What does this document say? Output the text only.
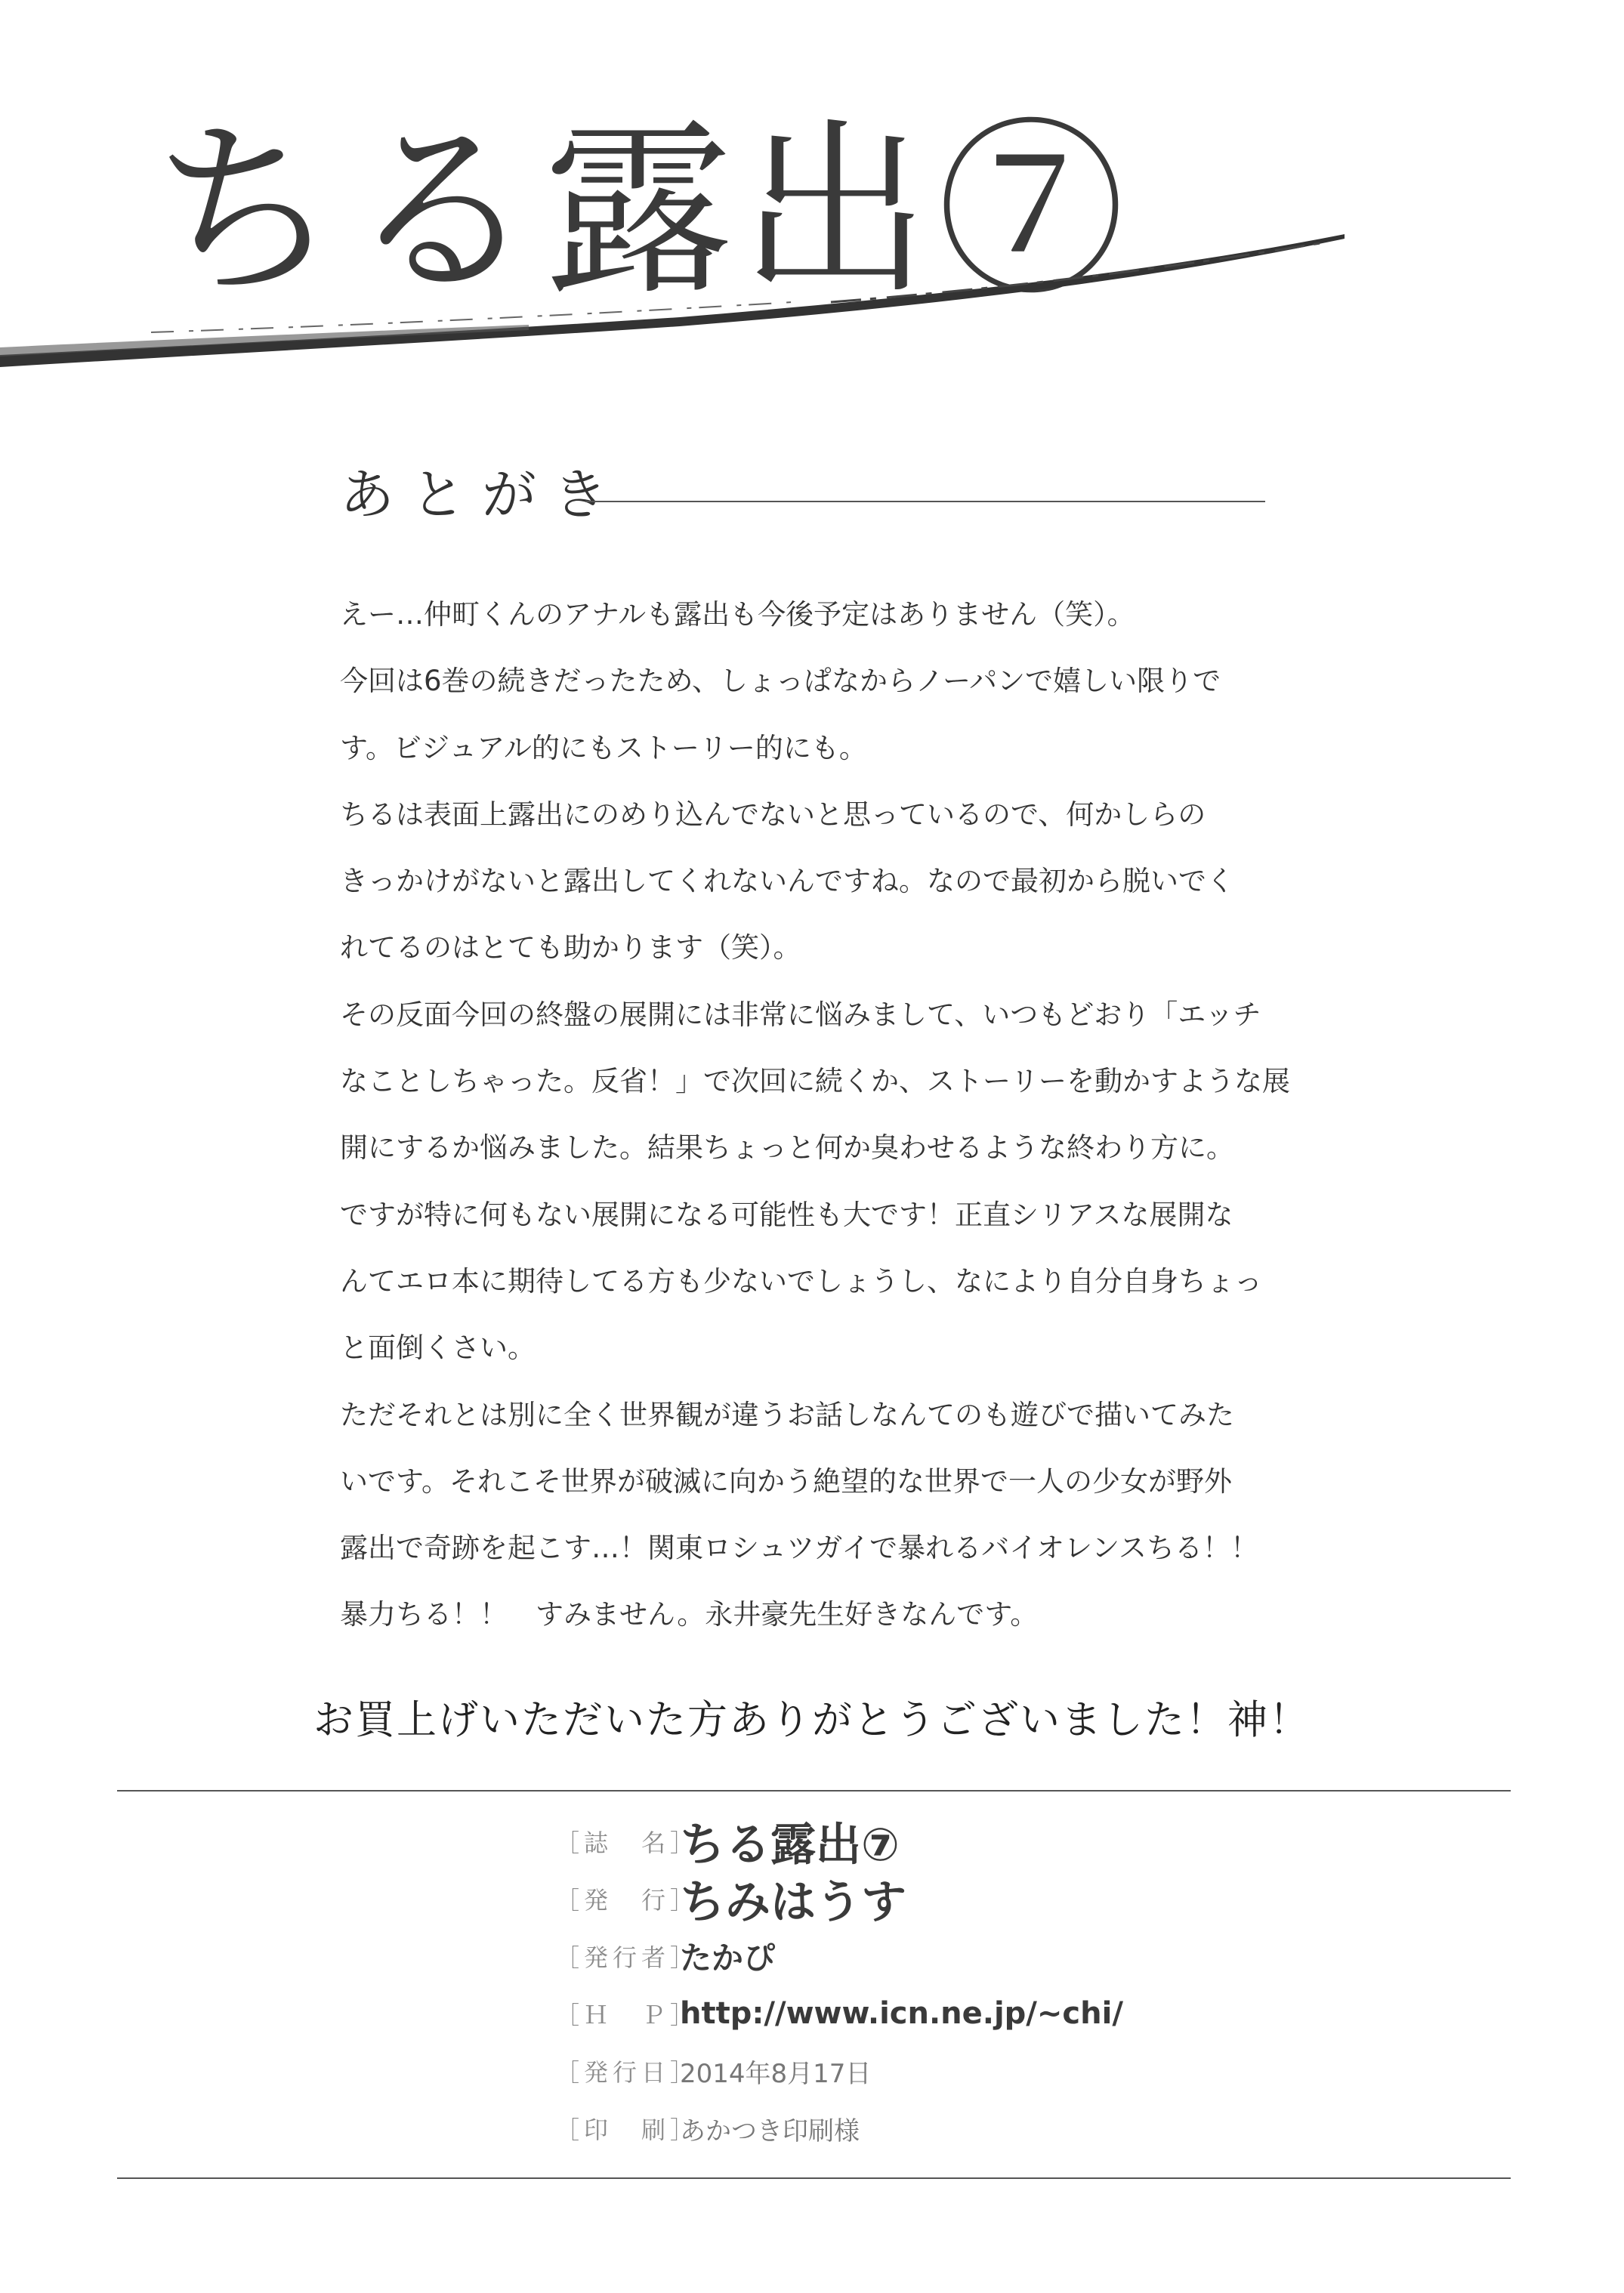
ちる露出⑦
あとがき

えー…仲町くんのアナルも露出も今後予定はありません（笑）。

今回は6巻の続きだったため、しょっぱなからノーパンで嬉しい限りで

す。ビジュアル的にもストーリー的にも。

ちるは表面上露出にのめり込んでないと思っているので、何かしらの

きっかけがないと露出してくれないんですね。なので最初から脱いでく

れてるのはとても助かります（笑）。

その反面今回の終盤の展開には非常に悩みまして、いつもどおり「エッチ

なことしちゃった。反省！」で次回に続くか、ストーリーを動かすような展

開にするか悩みました。結果ちょっと何か臭わせるような終わり方に。

ですが特に何もない展開になる可能性も大です！正直シリアスな展開な

んてエロ本に期待してる方も少ないでしょうし、なにより自分自身ちょっ

と面倒くさい。

ただそれとは別に全く世界観が違うお話しなんてのも遊びで描いてみた

いです。それこそ世界が破滅に向かう絶望的な世界で一人の少女が野外

露出で奇跡を起こす…！関東ロシュツガイで暴れるバイオレンスちる！！

暴力ちる！！　すみません。永井豪先生好きなんです。

お買上げいただいた方ありがとうございました！神！
［誌　名］
ちる露出⑦
［発　行］
ちみはうす
［発行者］
たかぴ
［Ｈ　Ｐ］
http://www.icn.ne.jp/~chi/
［発行日］
2014年8月17日
［印　刷］
あかつき印刷様
